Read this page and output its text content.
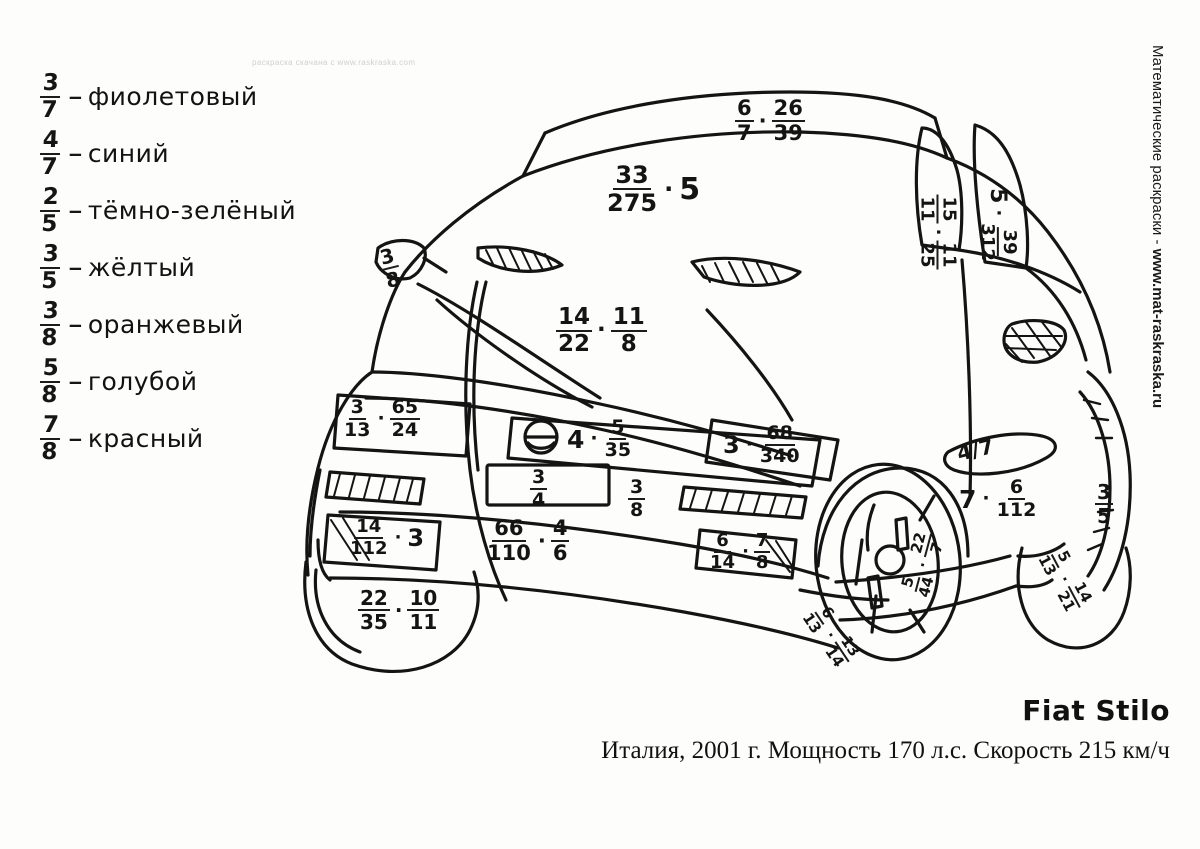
раскраска скачана с www.raskraska.com	Математические раскраски - www.mat-raskraska.ru
$\frac{3}{7}$ – фиолетовый
$\frac{4}{7}$ – синий
$\frac{2}{5}$ – тёмно-зелёный
$\frac{3}{5}$ – жёлтый
$\frac{3}{8}$ – оранжевый
$\frac{5}{8}$ – голубой
$\frac{7}{8}$ – красный
$\frac{6}{7} \cdot \frac{26}{39}$
$\frac{33}{275} \cdot 5$
$\frac{14}{22} \cdot \frac{11}{8}$
$\frac{3}{8}$
15
11
·
11
25
5
·
39
312
$\frac{3}{13} \cdot \frac{65}{24}$	$4 \cdot \frac{5}{35}$	$3 \cdot \frac{68}{340}$
$\frac{3}{4}$	$\frac{3}{8}$
$\frac{14}{112} \cdot 3$	$\frac{66}{110} \cdot \frac{4}{6}$	$\frac{6}{14} \cdot \frac{7}{8}$
$\frac{22}{35} \cdot \frac{10}{11}$
4/7
$7 \cdot \frac{6}{112}$	$\frac{3}{5}$
5
13
·
14
21
5
44
·
22
7
6
13
·
13
14
Fiat Stilo
Италия, 2001 г. Мощность 170 л.с. Скорость 215 км/ч
